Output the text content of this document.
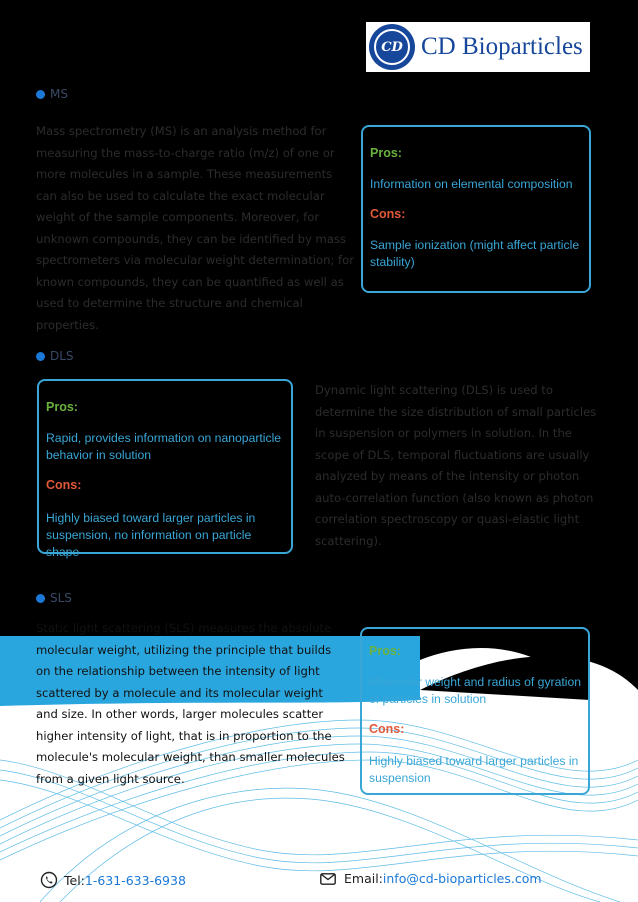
CD CD Bioparticles
MS
Mass spectrometry (MS) is an analysis method for measuring the mass-to-charge ratio (m/z) of one or more molecules in a sample. These measurements can also be used to calculate the exact molecular weight of the sample components. Moreover, for unknown compounds, they can be identified by mass spectrometers via molecular weight determination; for known compounds, they can be quantified as well as used to determine the structure and chemical properties.
Pros:
Information on elemental composition
Cons:
Sample ionization (might affect particle stability)
DLS
Pros:
Rapid, provides information on nanoparticle behavior in solution
Cons:
Highly biased toward larger particles in suspension, no information on particle shape
Dynamic light scattering (DLS) is used to determine the size distribution of small particles in suspension or polymers in solution. In the scope of DLS, temporal fluctuations are usually analyzed by means of the intensity or photon auto-correlation function (also known as photon correlation spectroscopy or quasi-elastic light scattering).
SLS
Static light scattering (SLS) measures the absolute molecular weight, utilizing the principle that builds on the relationship between the intensity of light scattered by a molecule and its molecular weight and size. In other words, larger molecules scatter higher intensity of light, that is in proportion to the molecule's molecular weight, than smaller molecules from a given light source.
Pros:
Molecular weight and radius of gyration of particles in solution
Cons:
Highly biased toward larger particles in suspension
Tel: 1-631-633-6938	Email: info@cd-bioparticles.com
